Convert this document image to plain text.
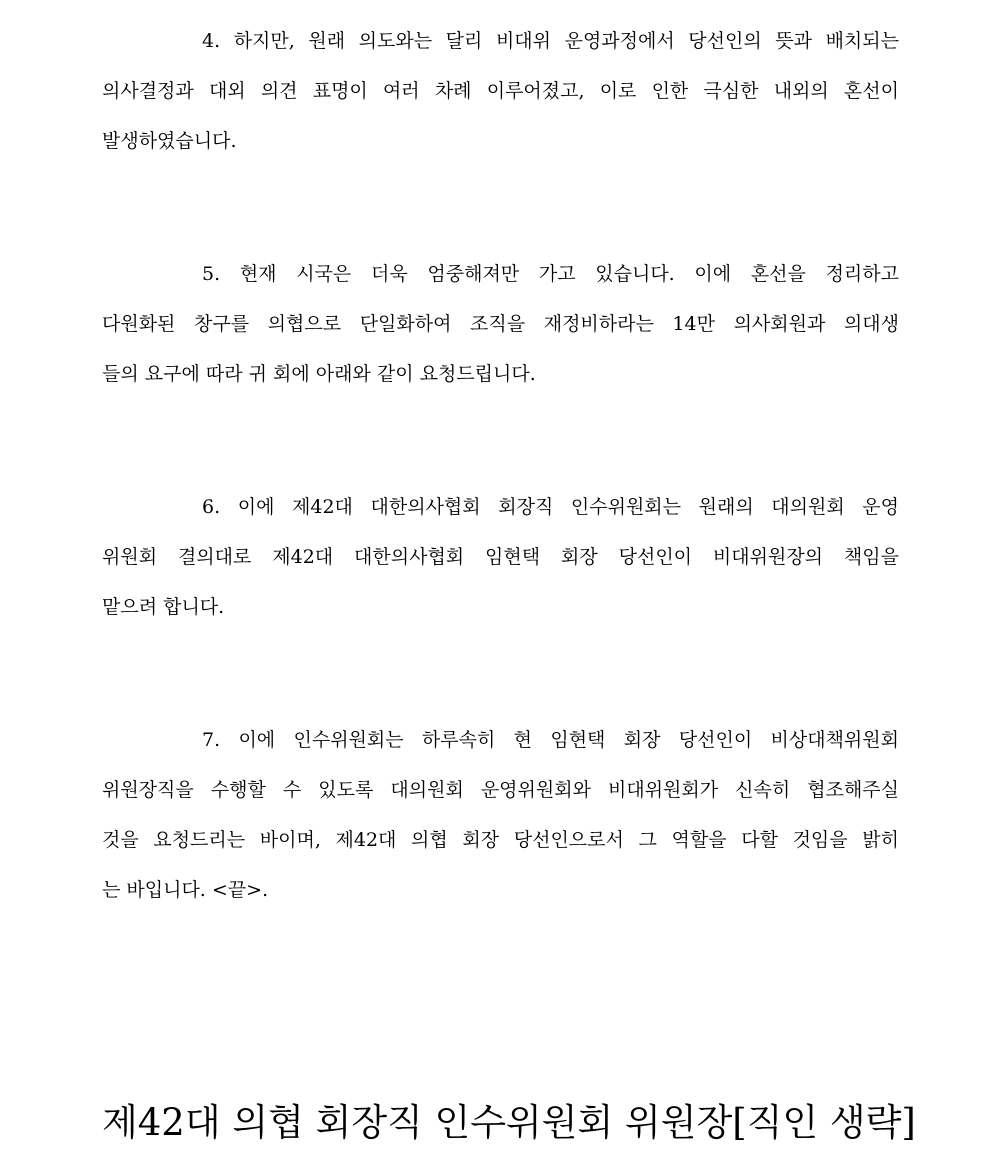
4. 하지만, 원래 의도와는 달리 비대위 운영과정에서 당선인의 뜻과 배치되는
의사결정과 대외 의견 표명이 여러 차례 이루어졌고, 이로 인한 극심한 내외의 혼선이
발생하였습니다.
5. 현재 시국은 더욱 엄중해져만 가고 있습니다. 이에 혼선을 정리하고
다원화된 창구를 의협으로 단일화하여 조직을 재정비하라는 14만 의사회원과 의대생
들의 요구에 따라 귀 회에 아래와 같이 요청드립니다.
6. 이에 제42대 대한의사협회 회장직 인수위원회는 원래의 대의원회 운영
위원회 결의대로 제42대 대한의사협회 임현택 회장 당선인이 비대위원장의 책임을
맡으려 합니다.
7. 이에 인수위원회는 하루속히 현 임현택 회장 당선인이 비상대책위원회
위원장직을 수행할 수 있도록 대의원회 운영위원회와 비대위원회가 신속히 협조해주실
것을 요청드리는 바이며, 제42대 의협 회장 당선인으로서 그 역할을 다할 것임을 밝히
는 바입니다. <끝>.
제42대 의협 회장직 인수위원회 위원장[직인 생략]
